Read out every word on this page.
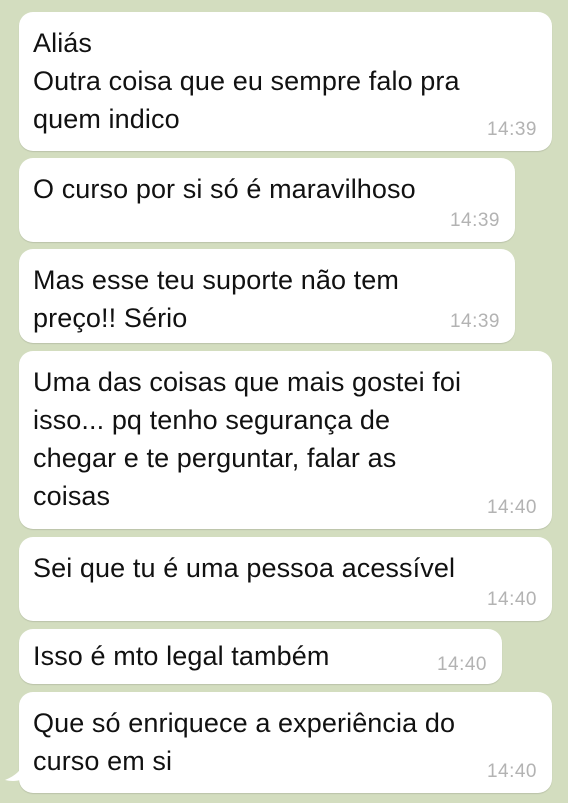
Aliás
Outra coisa que eu sempre falo pra
quem indico	14:39
O curso por si só é maravilhoso
14:39
Mas esse teu suporte não tem
preço!! Sério	14:39
Uma das coisas que mais gostei foi
isso... pq tenho segurança de
chegar e te perguntar, falar as
coisas	14:40
Sei que tu é uma pessoa acessível
14:40
Isso é mto legal também	14:40
Que só enriquece a experiência do
curso em si	14:40
